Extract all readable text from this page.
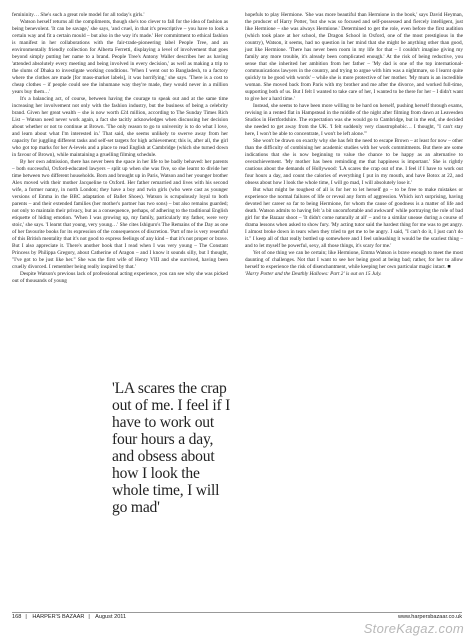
femininity… She's such a great role model for all today's girls.'

Watson herself returns all the compliments, though she's too clever to fall for the idea of fashion as being benevolent. 'It can be savage,' she says, 'and cruel, in that it's prescriptive – you have to look a certain way and fit a certain mould – but also in the way it's made.' Her commitment to ethical fashion is manifest in her collaborations with the fair-trade-pioneering label People Tree, and an environmentally friendly collection for Alberta Ferretti, displaying a level of involvement that goes beyond simply putting her name to a brand. People Tree's Antony Waller describes her as having 'attended absolutely every meeting and being involved in every decision,' as well as making a trip to the slums of Dhaka to investigate working conditions. 'When I went out to Bangladesh, to a factory where the clothes are made [for mass-market labels], it was horrifying,' she says. 'There is a cost to cheap clothes – if people could see the inhumane way they're made, they would never in a million years buy them…'

It's a balancing act, of course, between having the courage to speak out and at the same time increasing her involvement not only with the fashion industry, but the business of being a celebrity brand. Given her great wealth – she is now worth £24 million, according to The Sunday Times Rich List – Watson need never work again, a fact she tacitly acknowledges when discussing her decision about whether or not to continue at Brown. 'The only reason to go to university is to do what I love, and learn about what I'm interested in.' That said, she seems unlikely to swerve away from her capacity for juggling different tasks and self-set targets for high achievement; this is, after all, the girl who got top marks for her A-levels and a place to read English at Cambridge (which she turned down in favour of Brown), while maintaining a gruelling filming schedule.

By her own admission, there has never been the space in her life to be badly behaved: her parents – both successful, Oxford-educated lawyers – split up when she was five, so she learnt to divide her time between two different households. Born and brought up in Paris, Watson and her younger brother Alex moved with their mother Jacqueline to Oxford. Her father remarried and lives with his second wife, a former nanny, in north London; they have a boy and twin girls (who were cast as younger versions of Emma in the BBC adaptation of Ballet Shoes). Watson is scrupulously loyal to both parents – and their extended families (her mother's partner has two sons) – but also remains guarded; not only to maintain their privacy, but as a consequence, perhaps, of adhering to the traditional English etiquette of hiding emotion. 'When I was growing up, my family, particularly my father, were very stoic,' she says. 'I learnt that young, very young…' She cites Ishiguro's The Remains of the Day as one of her favourite books for its expression of the consequences of discretion. 'Part of me is very resentful of this British mentality that it's not good to express feelings of any kind – that it's not proper or brave. But I also appreciate it. There's another book that I read when I was very young – The Constant Princess by Philippa Gregory, about Catherine of Aragon – and I know it sounds silly, but I thought, "I've got to be just like her." She was the first wife of Henry VIII and she survived, having been cruelly divorced. I remember being really inspired by that.'

Despite Watson's previous lack of professional acting experience, you can see why she was picked out of thousands of young

hopefuls to play Hermione. 'She was more beautiful than Hermione in the book,' says David Heyman, the producer of Harry Potter, 'but she was so focused and self-possessed and fiercely intelligent, just like Hermione – she was always Hermione.' Determined to get the role, even before the first audition (which took place at her school, the Dragon School in Oxford, one of the most prestigious in the country), Watson, it seems, had no question in her mind that she might be anything other than good, just like Hermione. 'There has never been room in my life for that – I couldn't imagine giving my family any more trouble, it's already been complicated enough.' At the risk of being reductive, you sense that she inherited her ambition from her father – 'My dad is one of the top international-communications lawyers in the country, and trying to argue with him was a nightmare, so I learnt quite quickly to be good with words' – while she is more protective of her mother. 'My mum is an incredible woman. She moved back from Paris with my brother and me after the divorce, and worked full-time, supporting both of us. But I felt I wanted to take care of her, I wanted to be there for her – I didn't want to give her a hard time.'

Instead, she seems to have been more willing to be hard on herself, pushing herself through exams, revising in a rented flat in Hampstead in the middle of the night after filming from dawn at Leavesden Studios in Hertfordshire. The expectation was she would go to Cambridge, but in the end, she decided she needed to get away from the UK. 'I felt suddenly very claustrophobic… I thought, "I can't stay here, I won't be able to concentrate, I won't be left alone."'

She won't be drawn on exactly why she has felt the need to escape Brown – at least for now – other than the difficulty of combining her academic studies with her work commitments. But there are some indications that she is now beginning to value the chance to be happy as an alternative to overachievement. 'My mother has been reminding me that happiness is important.' She is rightly cautious about the demands of Hollywood: 'LA scares the crap out of me. I feel if I have to work out four hours a day, and count the calories of everything I put in my mouth, and have Botox at 22, and obsess about how I look the whole time, I will go mad, I will absolutely lose it.'

But what might be toughest of all is for her to let herself go – to be free to make mistakes or experience the normal failures of life or reveal any form of aggression. Which isn't surprising, having devoted her career so far to being Hermione, for whom the cause of goodness is a matter of life and death. Watson admits to having felt 'a bit uncomfortable and awkward' while portraying the role of bad girl for the Bazaar shoot – 'It didn't come naturally at all' – and to a similar unease during a course of drama lessons when asked to show fury. 'My acting tutor said the hardest thing for me was to get angry. I almost broke down in tears when they tried to get me to be angry. I said, "I can't do it, I just can't do it." I keep all of that really bottled up somewhere and I feel unleashing it would be the scariest thing – and to let myself be powerful, sexy, all those things, it's scary for me.'

Yet of one thing we can be certain; like Hermione, Emma Watson is brave enough to meet the most daunting of challenges. Not that I want to see her being good at being bad; rather, for her to allow herself to experience the risk of disenchantment, while keeping her own particular magic intact. ■

'Harry Potter and the Deathly Hallows: Part 2' is out on 15 July.

'LA scares the crap out of me. I feel if I have to work out four hours a day, and obsess about how I look the whole time, I will go mad'
168 | HARPER'S BAZAAR | August 2011	www.harpersbazaar.co.uk
StoreKagaz.com
